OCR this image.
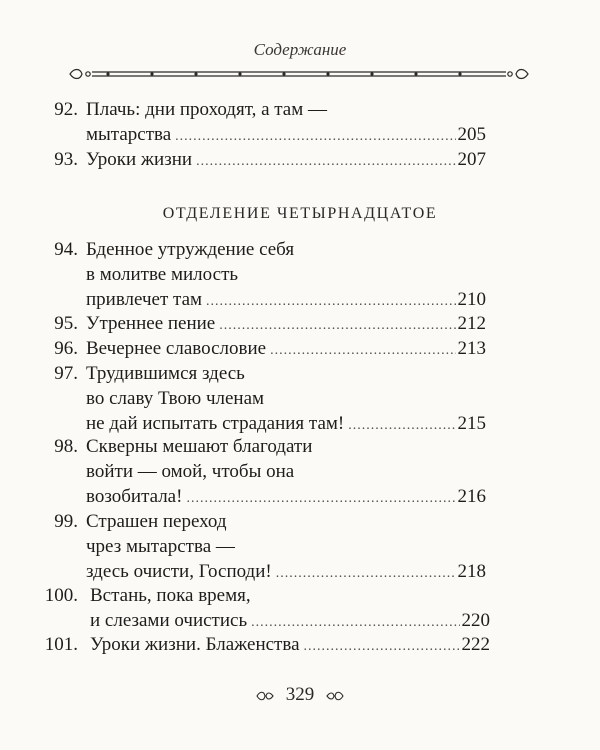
Содержание
ОТДЕЛЕНИЕ ЧЕТЫРНАДЦАТОЕ
92. Плачь: дни проходят, а там —
мытарства .....	205
93. Уроки жизни .....	207
94. Бденное утруждение себя
в молитве милость
привлечет там .....	210
95. Утреннее пение .....	212
96. Вечернее славословие .....	213
97. Трудившимся здесь
во славу Твою членам
не дай испытать страдания там! .....	215
98. Скверны мешают благодати
войти — омой, чтобы она
возобитала! .....	216
99. Страшен переход
чрез мытарства —
здесь очисти, Господи! .....	218
100. Встань, пока время,
и слезами очистись .....	220
101. Уроки жизни. Блаженства .....	222
329
